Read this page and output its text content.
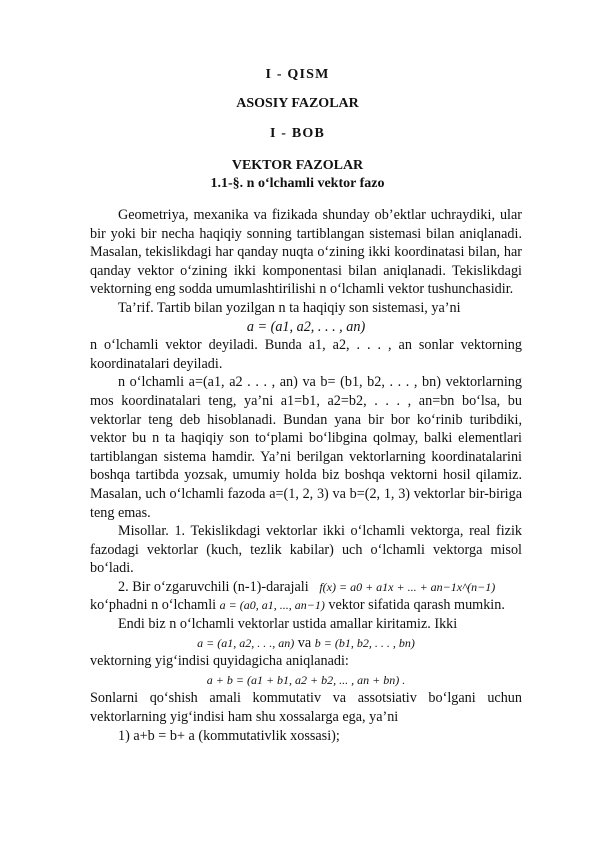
I - QISM
ASOSIY FAZOLAR
I - BOB
VEKTOR FAZOLAR
1.1-§. n o‘lchamli vektor fazo

Geometriya, mexanika va fizikada shunday ob’ektlar uchraydiki, ular bir yoki bir necha haqiqiy sonning tartiblangan sistemasi bilan aniqlanadi. Masalan, tekislikdagi har qanday nuqta o‘zining ikki koordinatasi bilan, har qanday vektor o‘zining ikki komponentasi bilan aniqlanadi. Tekislikdagi vektorning eng sodda umumlashtirilishi n o‘lchamli vektor tushunchasidir.

Ta’rif. Tartib bilan yozilgan n ta haqiqiy son sistemasi, ya’ni

a = (a1, a2, . . . , an)

n o‘lchamli vektor deyiladi. Bunda a1, a2, . . . , an sonlar vektorning koordinatalari deyiladi.

n o‘lchamli a=(a1, a2 . . . , an) va b= (b1, b2, . . . , bn) vektorlarning mos koordinatalari teng, ya’ni a1=b1, a2=b2, . . . , an=bn bo‘lsa, bu vektorlar teng deb hisoblanadi. Bundan yana bir bor ko‘rinib turibdiki, vektor bu n ta haqiqiy son to‘plami bo‘libgina qolmay, balki elementlari tartiblangan sistema hamdir. Ya’ni berilgan vektorlarning koordinatalarini boshqa tartibda yozsak, umumiy holda biz boshqa vektorni hosil qilamiz. Masalan, uch o‘lchamli fazoda a=(1, 2, 3) va b=(2, 1, 3) vektorlar bir-biriga teng emas.

Misollar. 1. Tekislikdagi vektorlar ikki o‘lchamli vektorga, real fizik fazodagi vektorlar (kuch, tezlik kabilar) uch o‘lchamli vektorga misol bo‘ladi.

2. Bir o‘zgaruvchili (n-1)-darajali f(x) = a0 + a1x + ... + an−1x^(n−1)

ko‘phadni n o‘lchamli a = (a0, a1, ..., an−1) vektor sifatida qarash mumkin.

Endi biz n o‘lchamli vektorlar ustida amallar kiritamiz. Ikki

a = (a1, a2, . . ., an) va b = (b1, b2, . . . , bn)

vektorning yig‘indisi quyidagicha aniqlanadi:

a + b = (a1 + b1, a2 + b2, ... , an + bn) .

Sonlarni qo‘shish amali kommutativ va assotsiativ bo‘lgani uchun vektorlarning yig‘indisi ham shu xossalarga ega, ya’ni

1) a+b = b+ a (kommutativlik xossasi);
